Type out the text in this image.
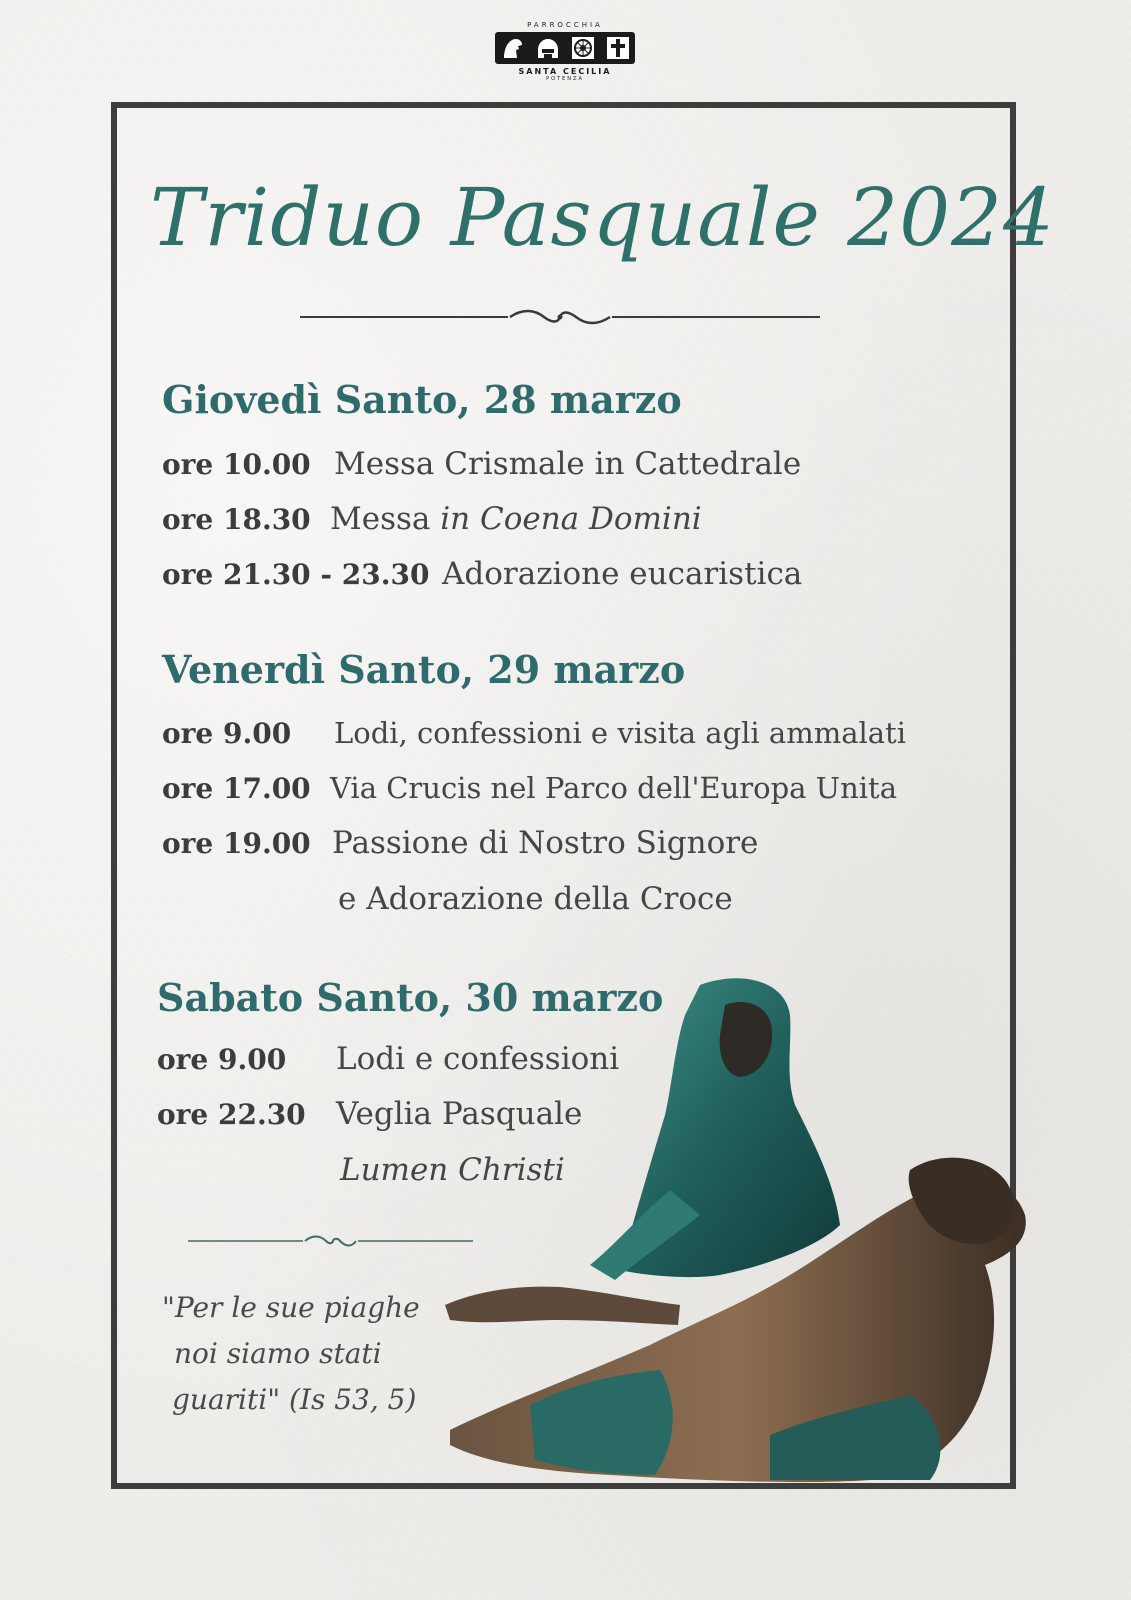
PARROCCHIA
SANTA CECILIA
POTENZA
Triduo Pasquale 2024
Giovedì Santo, 28 marzo
ore 10.00 Messa Crismale in Cattedrale
ore 18.30 Messa in Coena Domini
ore 21.30 - 23.30 Adorazione eucaristica
Venerdì Santo, 29 marzo
ore 9.00 Lodi, confessioni e visita agli ammalati
ore 17.00 Via Crucis nel Parco dell'Europa Unita
ore 19.00 Passione di Nostro Signore
e Adorazione della Croce
Sabato Santo, 30 marzo
ore 9.00 Lodi e confessioni
ore 22.30 Veglia Pasquale
Lumen Christi
"Per le sue piaghe
noi siamo stati
guariti" (Is 53, 5)
